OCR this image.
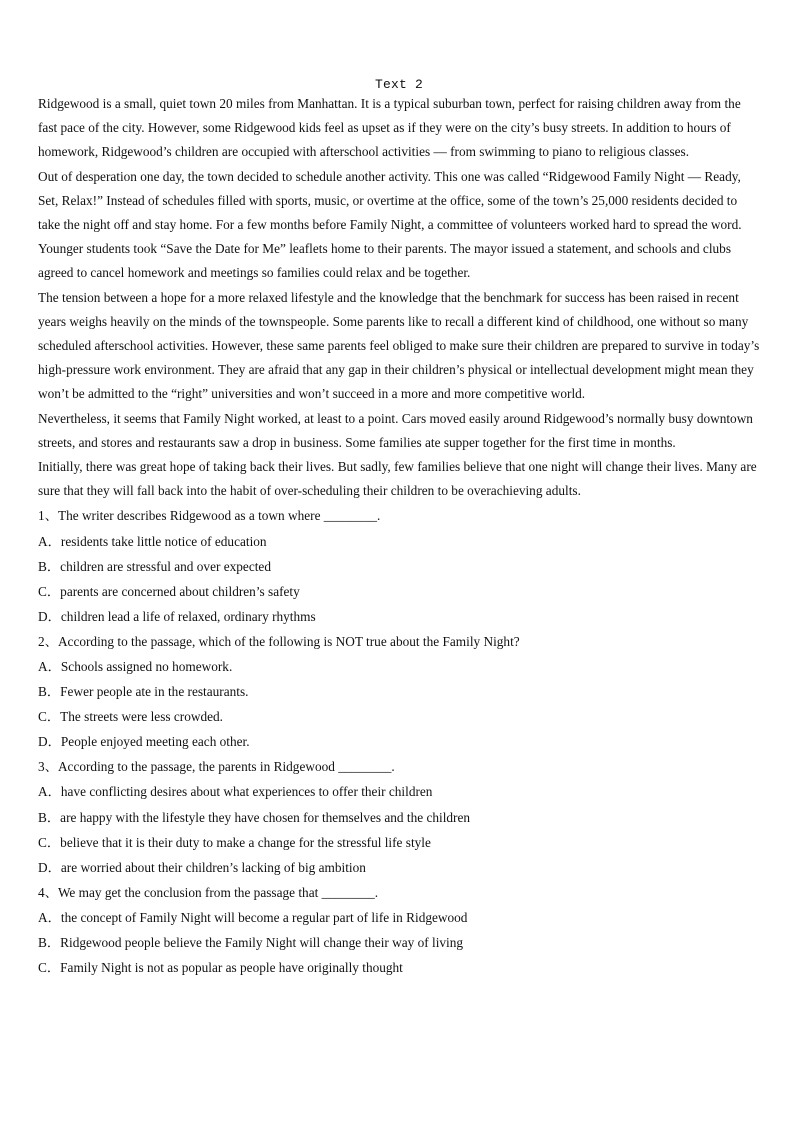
Text 2

Ridgewood is a small, quiet town 20 miles from Manhattan. It is a typical suburban town, perfect for raising children away from the fast pace of the city. However, some Ridgewood kids feel as upset as if they were on the city’s busy streets. In addition to hours of homework, Ridgewood’s children are occupied with afterschool activities — from swimming to piano to religious classes.

Out of desperation one day, the town decided to schedule another activity. This one was called “Ridgewood Family Night — Ready, Set, Relax!” Instead of schedules filled with sports, music, or overtime at the office, some of the town’s 25,000 residents decided to take the night off and stay home. For a few months before Family Night, a committee of volunteers worked hard to spread the word. Younger students took “Save the Date for Me” leaflets home to their parents. The mayor issued a statement, and schools and clubs agreed to cancel homework and meetings so families could relax and be together.

The tension between a hope for a more relaxed lifestyle and the knowledge that the benchmark for success has been raised in recent years weighs heavily on the minds of the townspeople. Some parents like to recall a different kind of childhood, one without so many scheduled afterschool activities. However, these same parents feel obliged to make sure their children are prepared to survive in today’s high-pressure work environment. They are afraid that any gap in their children’s physical or intellectual development might mean they won’t be admitted to the “right” universities and won’t succeed in a more and more competitive world.

Nevertheless, it seems that Family Night worked, at least to a point. Cars moved easily around Ridgewood’s normally busy downtown streets, and stores and restaurants saw a drop in business. Some families ate supper together for the first time in months.

Initially, there was great hope of taking back their lives. But sadly, few families believe that one night will change their lives. Many are sure that they will fall back into the habit of over-scheduling their children to be overachieving adults.

1、The writer describes Ridgewood as a town where ________.

A．residents take little notice of education

B．children are stressful and over expected

C．parents are concerned about children’s safety

D．children lead a life of relaxed, ordinary rhythms

2、According to the passage, which of the following is NOT true about the Family Night?

A．Schools assigned no homework.

B．Fewer people ate in the restaurants.

C．The streets were less crowded.

D．People enjoyed meeting each other.

3、According to the passage, the parents in Ridgewood ________.

A．have conflicting desires about what experiences to offer their children

B．are happy with the lifestyle they have chosen for themselves and the children

C．believe that it is their duty to make a change for the stressful life style

D．are worried about their children’s lacking of big ambition

4、We may get the conclusion from the passage that ________.

A．the concept of Family Night will become a regular part of life in Ridgewood

B．Ridgewood people believe the Family Night will change their way of living

C．Family Night is not as popular as people have originally thought
